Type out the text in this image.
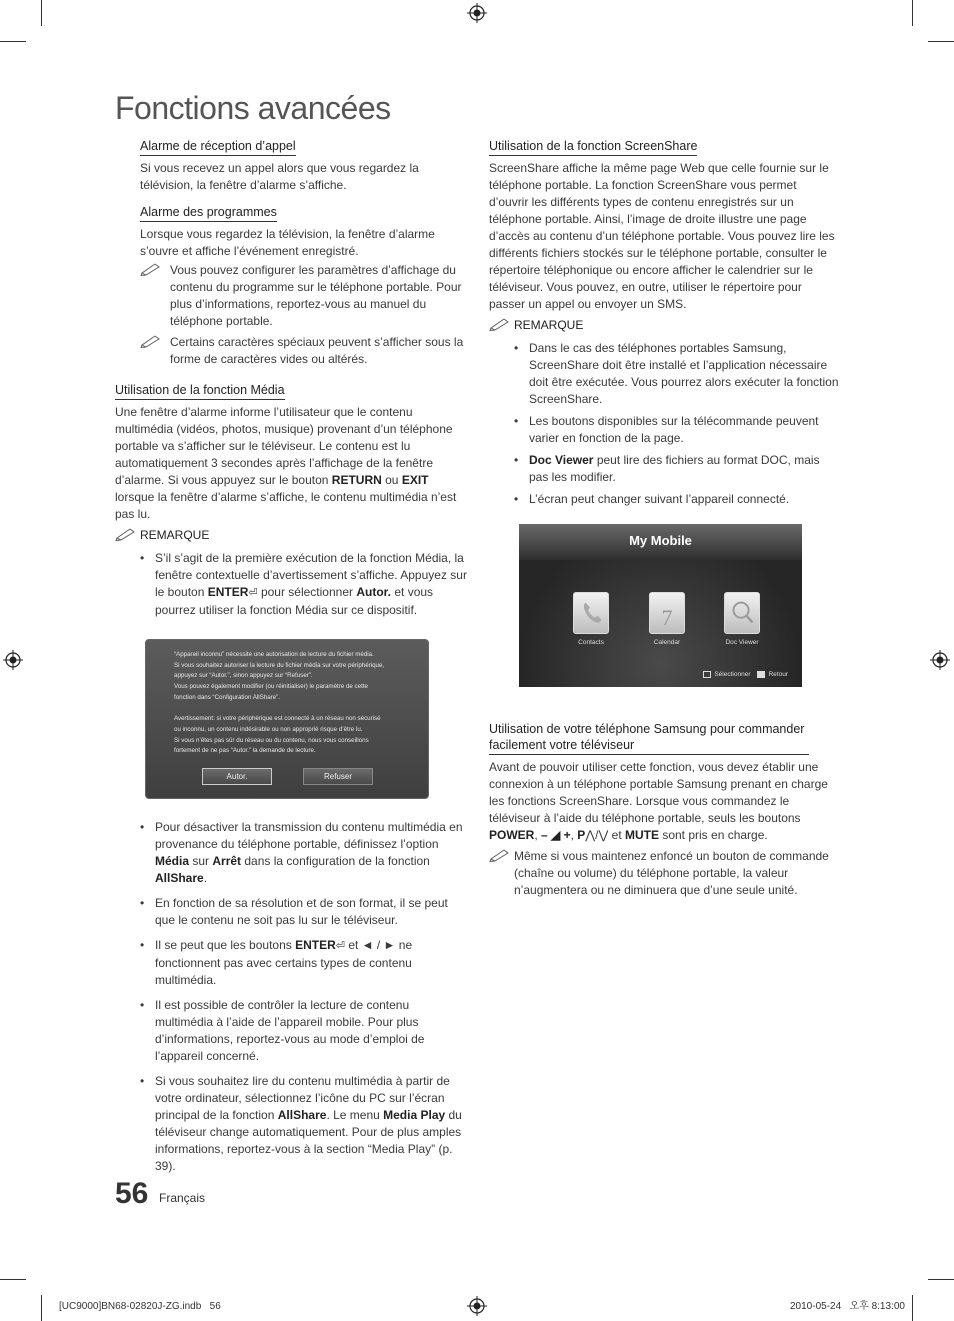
Fonctions avancées
Alarme de réception d’appel

Si vous recevez un appel alors que vous regardez la télévision, la fenêtre d’alarme s’affiche.

Alarme des programmes

Lorsque vous regardez la télévision, la fenêtre d’alarme s’ouvre et affiche l’événement enregistré.

Vous pouvez configurer les paramètres d’affichage du contenu du programme sur le téléphone portable. Pour plus d’informations, reportez-vous au manuel du téléphone portable.
Certains caractères spéciaux peuvent s’afficher sous la forme de caractères vides ou altérés.
Utilisation de la fonction Média

Une fenêtre d’alarme informe l’utilisateur que le contenu multimédia (vidéos, photos, musique) provenant d’un téléphone portable va s’afficher sur le téléviseur. Le contenu est lu automatiquement 3 secondes après l’affichage de la fenêtre d’alarme. Si vous appuyez sur le bouton RETURN ou EXIT lorsque la fenêtre d’alarme s’affiche, le contenu multimédia n’est pas lu.

REMARQUE
• S’il s’agit de la première exécution de la fonction Média, la fenêtre contextuelle d’avertissement s’affiche. Appuyez sur le bouton ENTER⏎ pour sélectionner Autor. et vous pourrez utiliser la fonction Média sur ce dispositif.
“Appareil inconnu” nécessite une autorisation de lecture du fichier média.
Si vous souhaitez autoriser la lecture du fichier média sur votre périphérique,
appuyez sur “Autor.”, sinon appuyez sur “Refuser”.
Vous pouvez également modifier (ou réinitialiser) le paramètre de cette
fonction dans “Configuration AllShare”.
Avertissement: si votre périphérique est connecté à un réseau non sécurisé
ou inconnu, un contenu indésirable ou non approprié risque d’être lu.
Si vous n’êtes pas sûr du réseau ou du contenu, nous vous conseillons
fortement de ne pas “Autor.” la demande de lecture.
Autor.	Refuser
• Pour désactiver la transmission du contenu multimédia en provenance du téléphone portable, définissez l’option Média sur Arrêt dans la configuration de la fonction AllShare.
• En fonction de sa résolution et de son format, il se peut que le contenu ne soit pas lu sur le téléviseur.
• Il se peut que les boutons ENTER⏎ et ◄ / ► ne fonctionnent pas avec certains types de contenu multimédia.
• Il est possible de contrôler la lecture de contenu multimédia à l’aide de l’appareil mobile. Pour plus d’informations, reportez-vous au mode d’emploi de l’appareil concerné.
• Si vous souhaitez lire du contenu multimédia à partir de votre ordinateur, sélectionnez l’icône du PC sur l’écran principal de la fonction AllShare. Le menu Media Play du téléviseur change automatiquement. Pour de plus amples informations, reportez-vous à la section “Media Play” (p. 39).
Utilisation de la fonction ScreenShare

ScreenShare affiche la même page Web que celle fournie sur le téléphone portable. La fonction ScreenShare vous permet d’ouvrir les différents types de contenu enregistrés sur un téléphone portable. Ainsi, l’image de droite illustre une page d’accès au contenu d’un téléphone portable. Vous pouvez lire les différents fichiers stockés sur le téléphone portable, consulter le répertoire téléphonique ou encore afficher le calendrier sur le téléviseur. Vous pouvez, en outre, utiliser le répertoire pour passer un appel ou envoyer un SMS.

REMARQUE
• Dans le cas des téléphones portables Samsung, ScreenShare doit être installé et l’application nécessaire doit être exécutée. Vous pourrez alors exécuter la fonction ScreenShare.
• Les boutons disponibles sur la télécommande peuvent varier en fonction de la page.
• Doc Viewer peut lire des fichiers au format DOC, mais pas les modifier.
• L’écran peut changer suivant l’appareil connecté.
My Mobile
Contacts
7
Calendar	Doc Viewer
Sélectionner	Retour
Utilisation de votre téléphone Samsung pour commander facilement votre téléviseur

Avant de pouvoir utiliser cette fonction, vous devez établir une connexion à un téléphone portable Samsung prenant en charge les fonctions ScreenShare. Lorsque vous commandez le téléviseur à l’aide du téléphone portable, seuls les boutons POWER, – ◢ +, P⋀/⋁ et MUTE sont pris en charge.

Même si vous maintenez enfoncé un bouton de commande (chaîne ou volume) du téléphone portable, la valeur n’augmentera ou ne diminuera que d’une seule unité.
56 Français
[UC9000]BN68-02820J-ZG.indb   56	2010-05-24   오후 8:13:00
